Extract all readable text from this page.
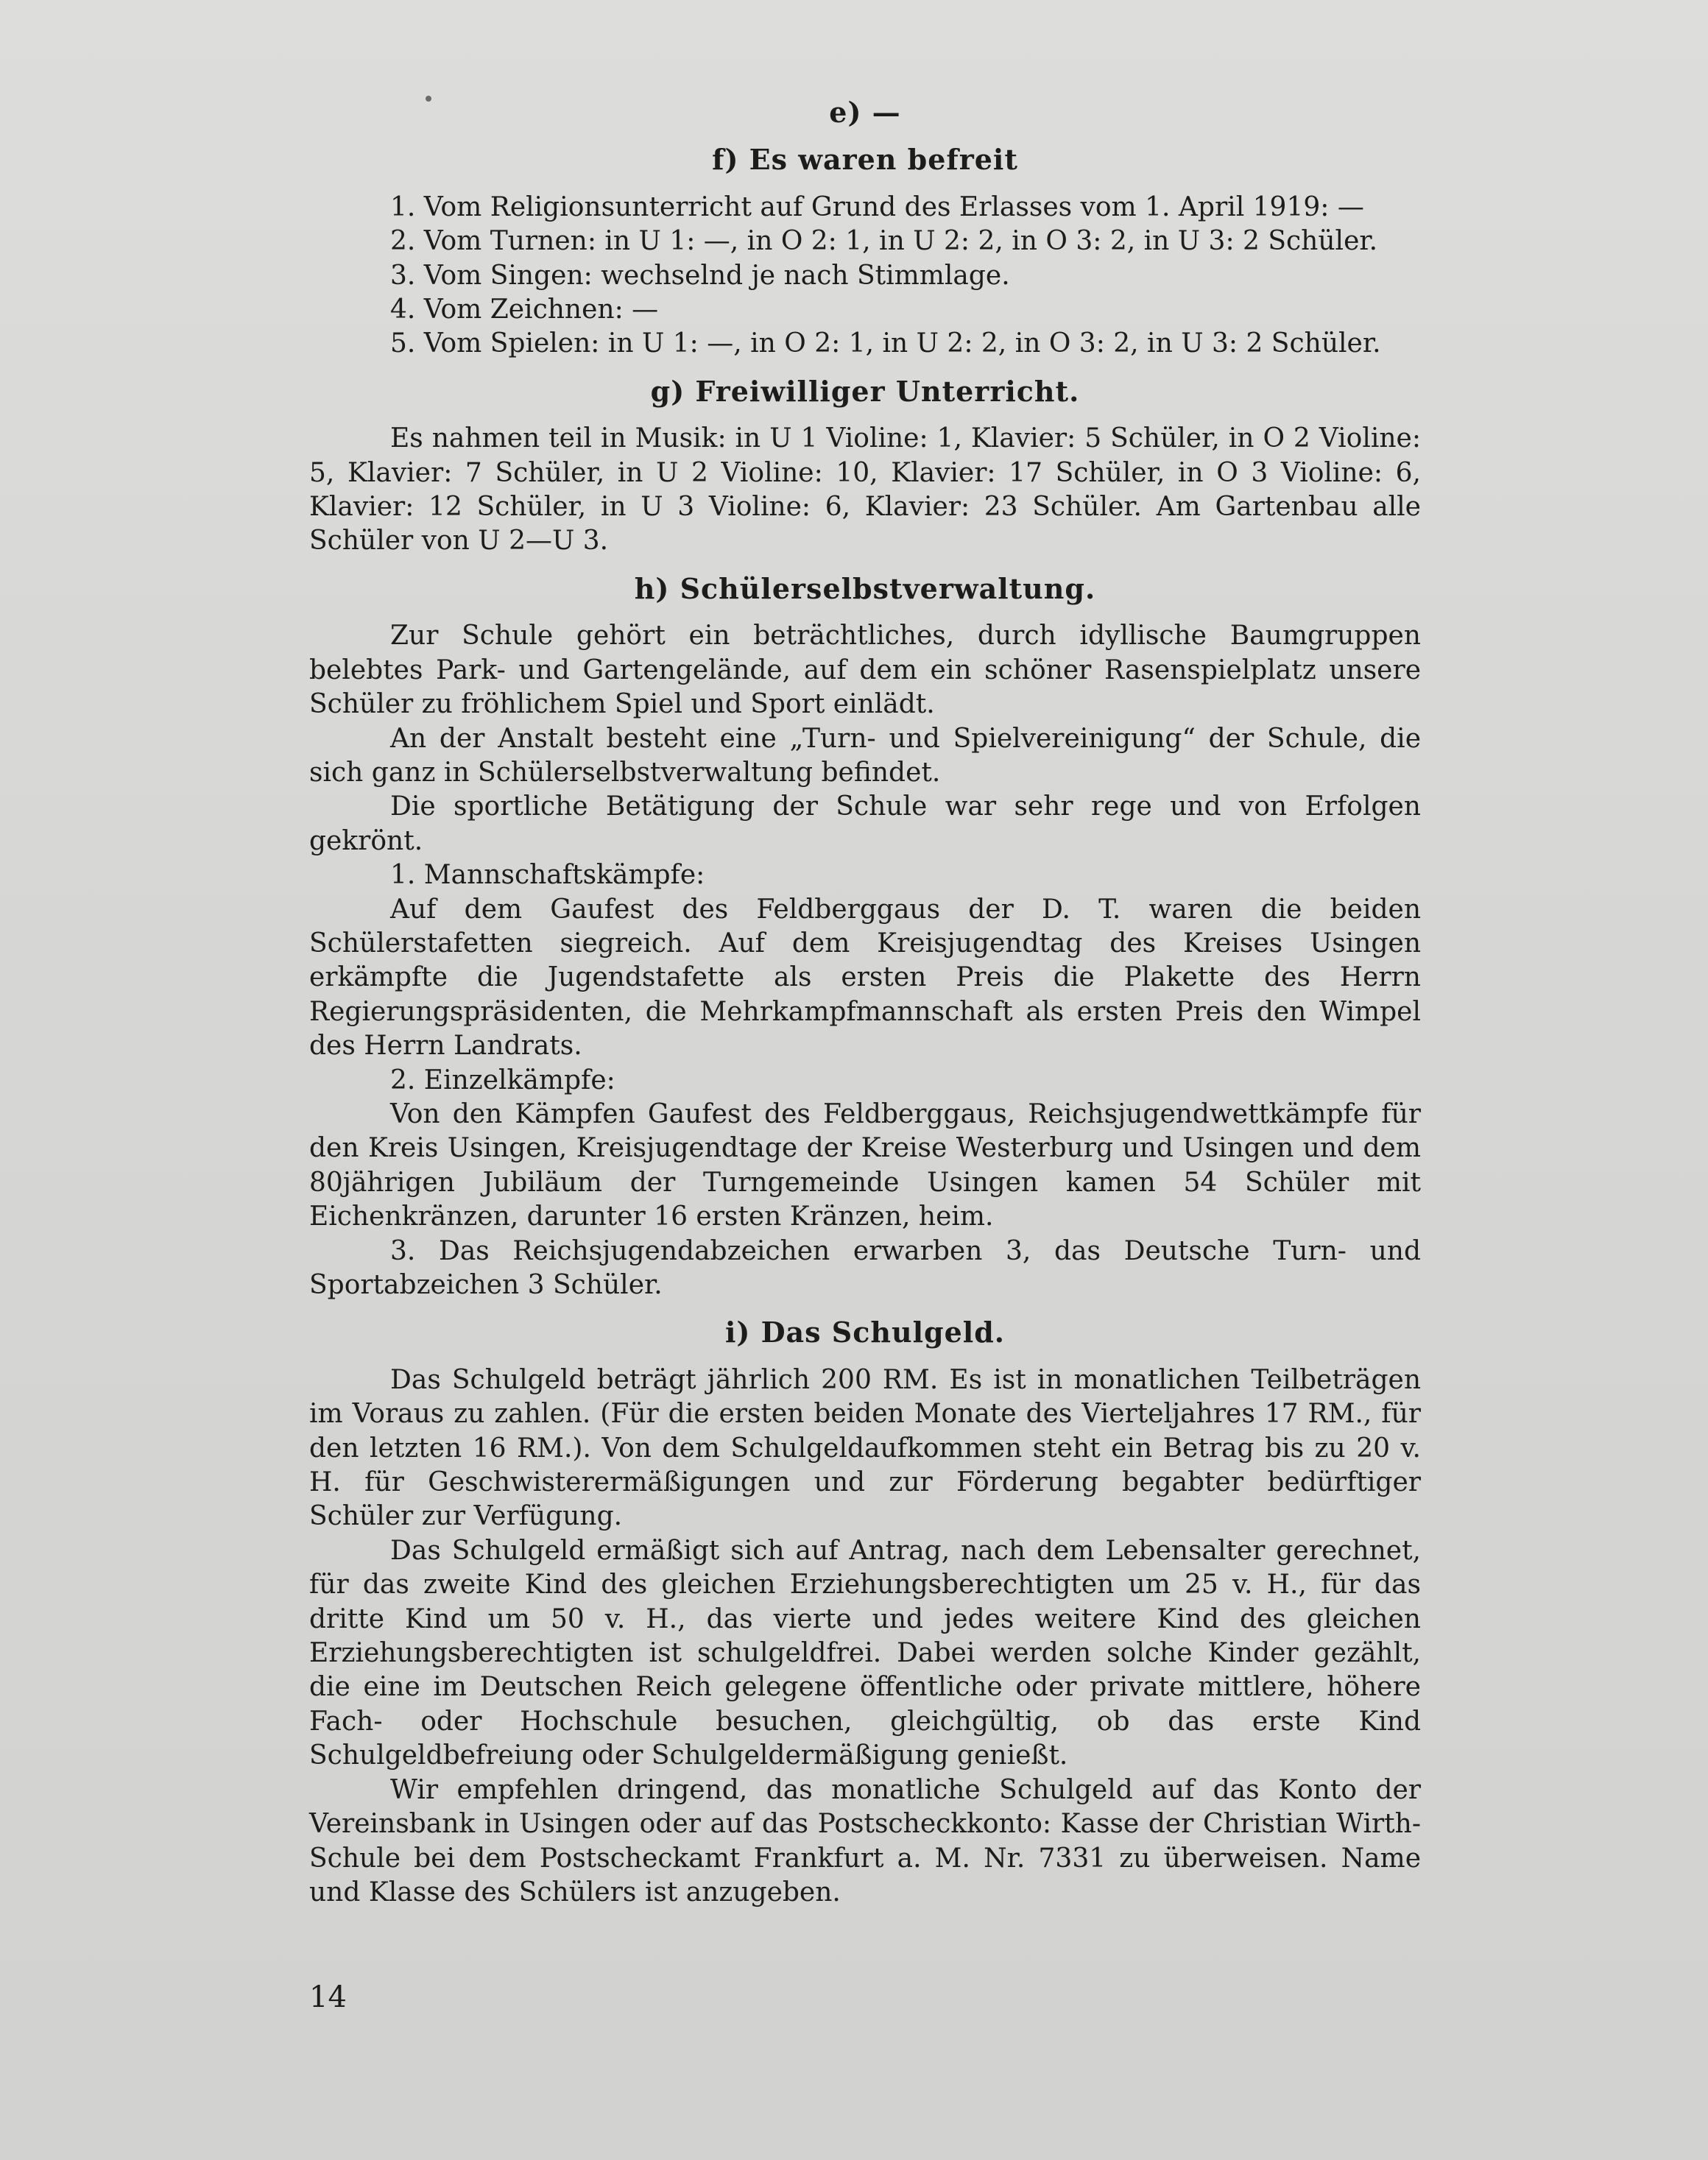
e) —
f) Es waren befreit

1. Vom Religionsunterricht auf Grund des Erlasses vom 1. April 1919: —

2. Vom Turnen: in U 1: —, in O 2: 1, in U 2: 2, in O 3: 2, in U 3: 2 Schüler.

3. Vom Singen: wechselnd je nach Stimmlage.

4. Vom Zeichnen: —

5. Vom Spielen: in U 1: —, in O 2: 1, in U 2: 2, in O 3: 2, in U 3: 2 Schüler.

g) Freiwilliger Unterricht.

Es nahmen teil in Musik: in U 1 Violine: 1, Klavier: 5 Schüler, in O 2 Violine: 5, Klavier: 7 Schüler, in U 2 Violine: 10, Klavier: 17 Schüler, in O 3 Violine: 6, Klavier: 12 Schüler, in U 3 Violine: 6, Klavier: 23 Schüler. Am Gartenbau alle Schüler von U 2—U 3.

h) Schülerselbstverwaltung.

Zur Schule gehört ein beträchtliches, durch idyllische Baumgruppen belebtes Park- und Gartengelände, auf dem ein schöner Rasenspielplatz unsere Schüler zu fröhlichem Spiel und Sport einlädt.

An der Anstalt besteht eine „Turn- und Spielvereinigung“ der Schule, die sich ganz in Schülerselbstverwaltung befindet.

Die sportliche Betätigung der Schule war sehr rege und von Erfolgen gekrönt.

1. Mannschaftskämpfe:

Auf dem Gaufest des Feldberggaus der D. T. waren die beiden Schülerstafetten siegreich. Auf dem Kreisjugendtag des Kreises Usingen erkämpfte die Jugendstafette als ersten Preis die Plakette des Herrn Regierungspräsidenten, die Mehrkampfmannschaft als ersten Preis den Wimpel des Herrn Landrats.

2. Einzelkämpfe:

Von den Kämpfen Gaufest des Feldberggaus, Reichsjugendwettkämpfe für den Kreis Usingen, Kreisjugendtage der Kreise Westerburg und Usingen und dem 80jährigen Jubiläum der Turngemeinde Usingen kamen 54 Schüler mit Eichenkränzen, darunter 16 ersten Kränzen, heim.

3. Das Reichsjugendabzeichen erwarben 3, das Deutsche Turn- und Sportabzeichen 3 Schüler.

i) Das Schulgeld.

Das Schulgeld beträgt jährlich 200 RM. Es ist in monatlichen Teilbeträgen im Voraus zu zahlen. (Für die ersten beiden Monate des Vierteljahres 17 RM., für den letzten 16 RM.). Von dem Schulgeldaufkommen steht ein Betrag bis zu 20 v. H. für Geschwisterermäßigungen und zur Förderung begabter bedürftiger Schüler zur Verfügung.

Das Schulgeld ermäßigt sich auf Antrag, nach dem Lebensalter gerechnet, für das zweite Kind des gleichen Erziehungsberechtigten um 25 v. H., für das dritte Kind um 50 v. H., das vierte und jedes weitere Kind des gleichen Erziehungsberechtigten ist schulgeldfrei. Dabei werden solche Kinder gezählt, die eine im Deutschen Reich gelegene öffentliche oder private mittlere, höhere Fach- oder Hochschule besuchen, gleichgültig, ob das erste Kind Schulgeldbefreiung oder Schulgeldermäßigung genießt.

Wir empfehlen dringend, das monatliche Schulgeld auf das Konto der Vereinsbank in Usingen oder auf das Postscheckkonto: Kasse der Christian Wirth-Schule bei dem Postscheckamt Frankfurt a. M. Nr. 7331 zu überweisen. Name und Klasse des Schülers ist anzugeben.

14
